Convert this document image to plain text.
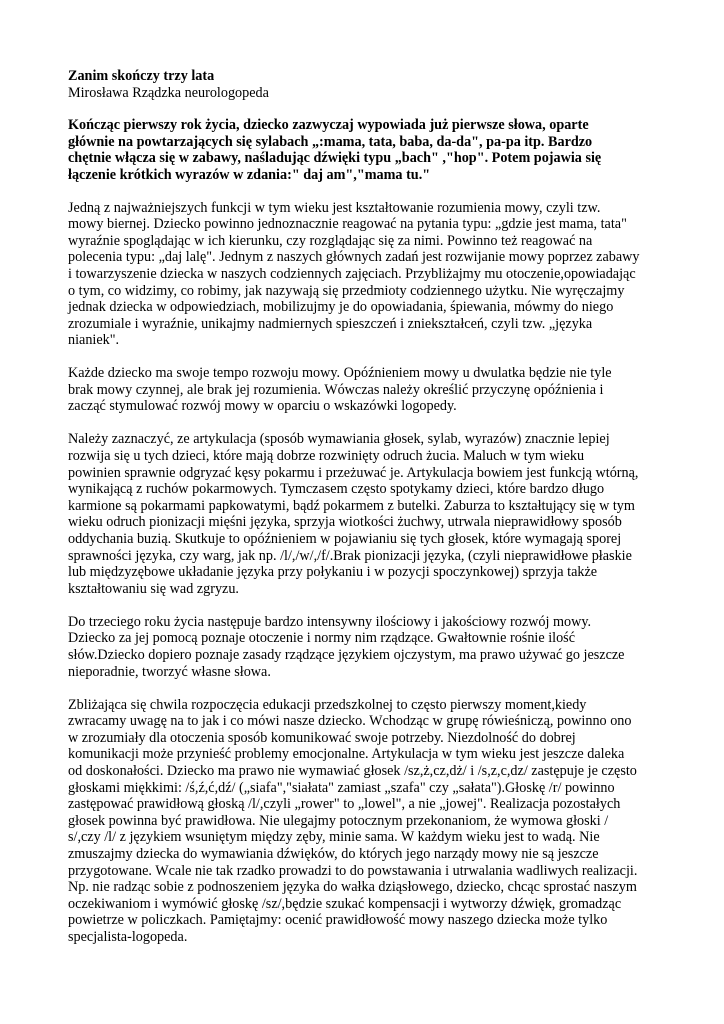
Zanim skończy trzy lata

Mirosława Rządzka neurologopeda

Kończąc pierwszy rok życia, dziecko zazwyczaj wypowiada już pierwsze słowa, oparte
głównie na powtarzających się sylabach „:mama, tata, baba, da-da", pa-pa itp. Bardzo
chętnie włącza się w zabawy, naśladując dźwięki typu „bach" ,"hop". Potem pojawia się
łączenie krótkich wyrazów w zdania:" daj am","mama tu."
Jedną z najważniejszych funkcji w tym wieku jest kształtowanie rozumienia mowy, czyli tzw.
mowy biernej. Dziecko powinno jednoznacznie reagować na pytania typu: „gdzie jest mama, tata"
wyraźnie spoglądając w ich kierunku, czy rozglądając się za nimi. Powinno też reagować na
polecenia typu: „daj lalę". Jednym z naszych głównych zadań jest rozwijanie mowy poprzez zabawy
i towarzyszenie dziecka w naszych codziennych zajęciach. Przybliżajmy mu otoczenie,opowiadając
o tym, co widzimy, co robimy, jak nazywają się przedmioty codziennego użytku. Nie wyręczajmy
jednak dziecka w odpowiedziach, mobilizujmy je do opowiadania, śpiewania, mówmy do niego
zrozumiale i wyraźnie, unikajmy nadmiernych spieszczeń i zniekształceń, czyli tzw. „języka
nianiek".
Każde dziecko ma swoje tempo rozwoju mowy. Opóźnieniem mowy u dwulatka będzie nie tyle
brak mowy czynnej, ale brak jej rozumienia. Wówczas należy określić przyczynę opóźnienia i
zacząć stymulować rozwój mowy w oparciu o wskazówki logopedy.
Należy zaznaczyć, ze artykulacja (sposób wymawiania głosek, sylab, wyrazów) znacznie lepiej
rozwija się u tych dzieci, które mają dobrze rozwinięty odruch żucia. Maluch w tym wieku
powinien sprawnie odgryzać kęsy pokarmu i przeżuwać je. Artykulacja bowiem jest funkcją wtórną,
wynikającą z ruchów pokarmowych. Tymczasem często spotykamy dzieci, które bardzo długo
karmione są pokarmami papkowatymi, bądź pokarmem z butelki. Zaburza to kształtujący się w tym
wieku odruch pionizacji mięśni języka, sprzyja wiotkości żuchwy, utrwala nieprawidłowy sposób
oddychania buzią. Skutkuje to opóźnieniem w pojawianiu się tych głosek, które wymagają sporej
sprawności języka, czy warg, jak np. /l/,/w/,/f/.Brak pionizacji języka, (czyli nieprawidłowe płaskie
lub międzyzębowe układanie języka przy połykaniu i w pozycji spoczynkowej) sprzyja także
kształtowaniu się wad zgryzu.
Do trzeciego roku życia następuje bardzo intensywny ilościowy i jakościowy rozwój mowy.
Dziecko za jej pomocą poznaje otoczenie i normy nim rządzące. Gwałtownie rośnie ilość
słów.Dziecko dopiero poznaje zasady rządzące językiem ojczystym, ma prawo używać go jeszcze
nieporadnie, tworzyć własne słowa.
Zbliżająca się chwila rozpoczęcia edukacji przedszkolnej to często pierwszy moment,kiedy
zwracamy uwagę na to jak i co mówi nasze dziecko. Wchodząc w grupę rówieśniczą, powinno ono
w zrozumiały dla otoczenia sposób komunikować swoje potrzeby. Niezdolność do dobrej
komunikacji może przynieść problemy emocjonalne. Artykulacja w tym wieku jest jeszcze daleka
od doskonałości. Dziecko ma prawo nie wymawiać głosek /sz,ż,cz,dż/ i /s,z,c,dz/ zastępuje je często
głoskami miękkimi: /ś,ź,ć,dź/ („siafa","siałata" zamiast „szafa" czy „sałata").Głoskę /r/ powinno
zastępować prawidłową głoską /l/,czyli „rower" to „lowel", a nie „jowej". Realizacja pozostałych
głosek powinna być prawidłowa. Nie ulegajmy potocznym przekonaniom, że wymowa głoski /
s/,czy /l/ z językiem wsuniętym między zęby, minie sama. W każdym wieku jest to wadą. Nie
zmuszajmy dziecka do wymawiania dźwięków, do których jego narządy mowy nie są jeszcze
przygotowane. Wcale nie tak rzadko prowadzi to do powstawania i utrwalania wadliwych realizacji.
Np. nie radząc sobie z podnoszeniem języka do wałka dziąsłowego, dziecko, chcąc sprostać naszym
oczekiwaniom i wymówić głoskę /sz/,będzie szukać kompensacji i wytworzy dźwięk, gromadząc
powietrze w policzkach. Pamiętajmy: ocenić prawidłowość mowy naszego dziecka może tylko
specjalista-logopeda.
